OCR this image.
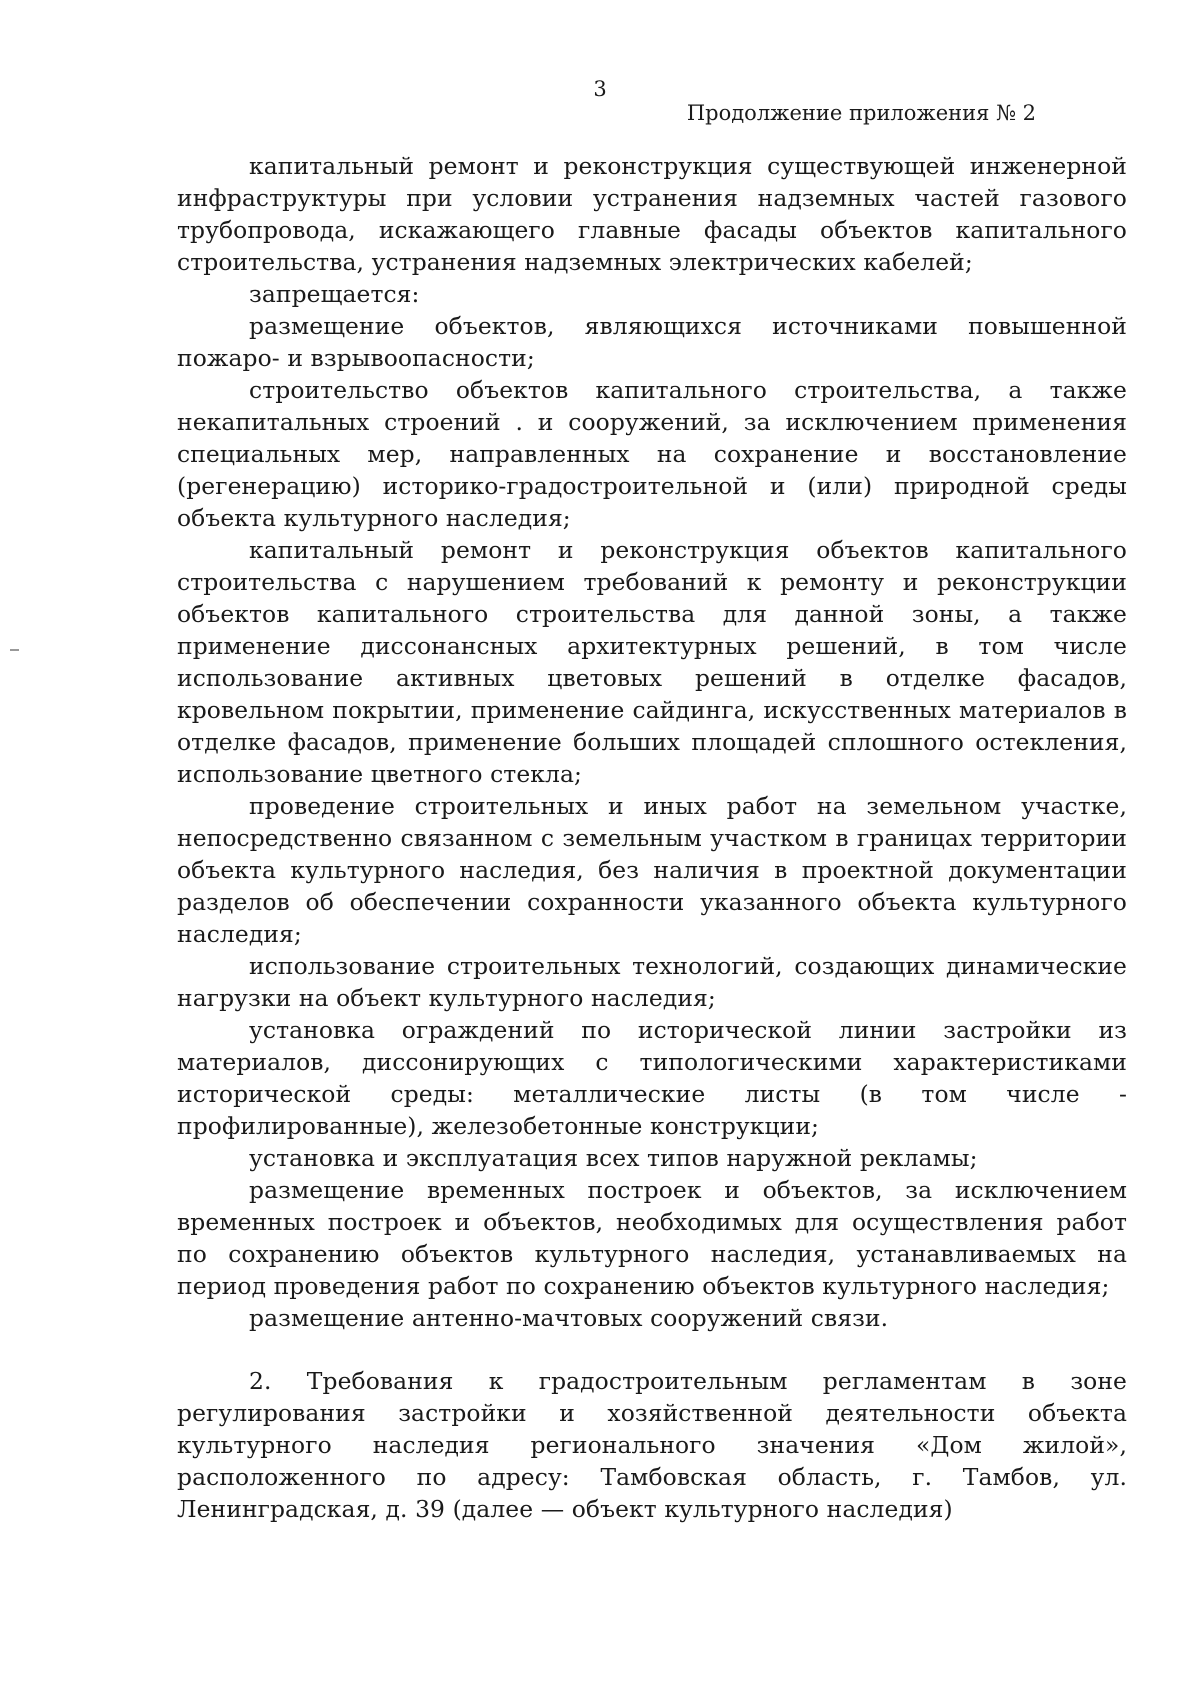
3
Продолжение приложения № 2

капитальный ремонт и реконструкция существующей инженерной инфраструктуры при условии устранения надземных частей газового трубопровода, искажающего главные фасады объектов капитального строительства, устранения надземных электрических кабелей;

запрещается:

размещение объектов, являющихся источниками повышенной пожаро- и взрывоопасности;

строительство объектов капитального строительства, а также некапитальных строений . и сооружений, за исключением применения специальных мер, направленных на сохранение и восстановление (регенерацию) историко-градостроительной и (или) природной среды объекта культурного наследия;

капитальный ремонт и реконструкция объектов капитального строительства с нарушением требований к ремонту и реконструкции объектов капитального строительства для данной зоны, а также применение диссонансных архитектурных решений, в том числе использование активных цветовых решений в отделке фасадов, кровельном покрытии, применение сайдинга, искусственных материалов в отделке фасадов, применение больших площадей сплошного остекления, использование цветного стекла;

проведение строительных и иных работ на земельном участке, непосредственно связанном с земельным участком в границах территории объекта культурного наследия, без наличия в проектной документации разделов об обеспечении сохранности указанного объекта культурного наследия;

использование строительных технологий, создающих динамические нагрузки на объект культурного наследия;

установка ограждений по исторической линии застройки из материалов, диссонирующих с типологическими характеристиками исторической среды: металлические листы (в том числе - профилированные), железобетонные конструкции;

установка и эксплуатация всех типов наружной рекламы;

размещение временных построек и объектов, за исключением временных построек и объектов, необходимых для осуществления работ по сохранению объектов культурного наследия, устанавливаемых на период проведения работ по сохранению объектов культурного наследия;

размещение антенно-мачтовых сооружений связи.

2. Требования к градостроительным регламентам в зоне регулирования застройки и хозяйственной деятельности объекта культурного наследия регионального значения «Дом жилой», расположенного по адресу: Тамбовская область, г. Тамбов, ул. Ленинградская, д. 39 (далее — объект культурного наследия)
